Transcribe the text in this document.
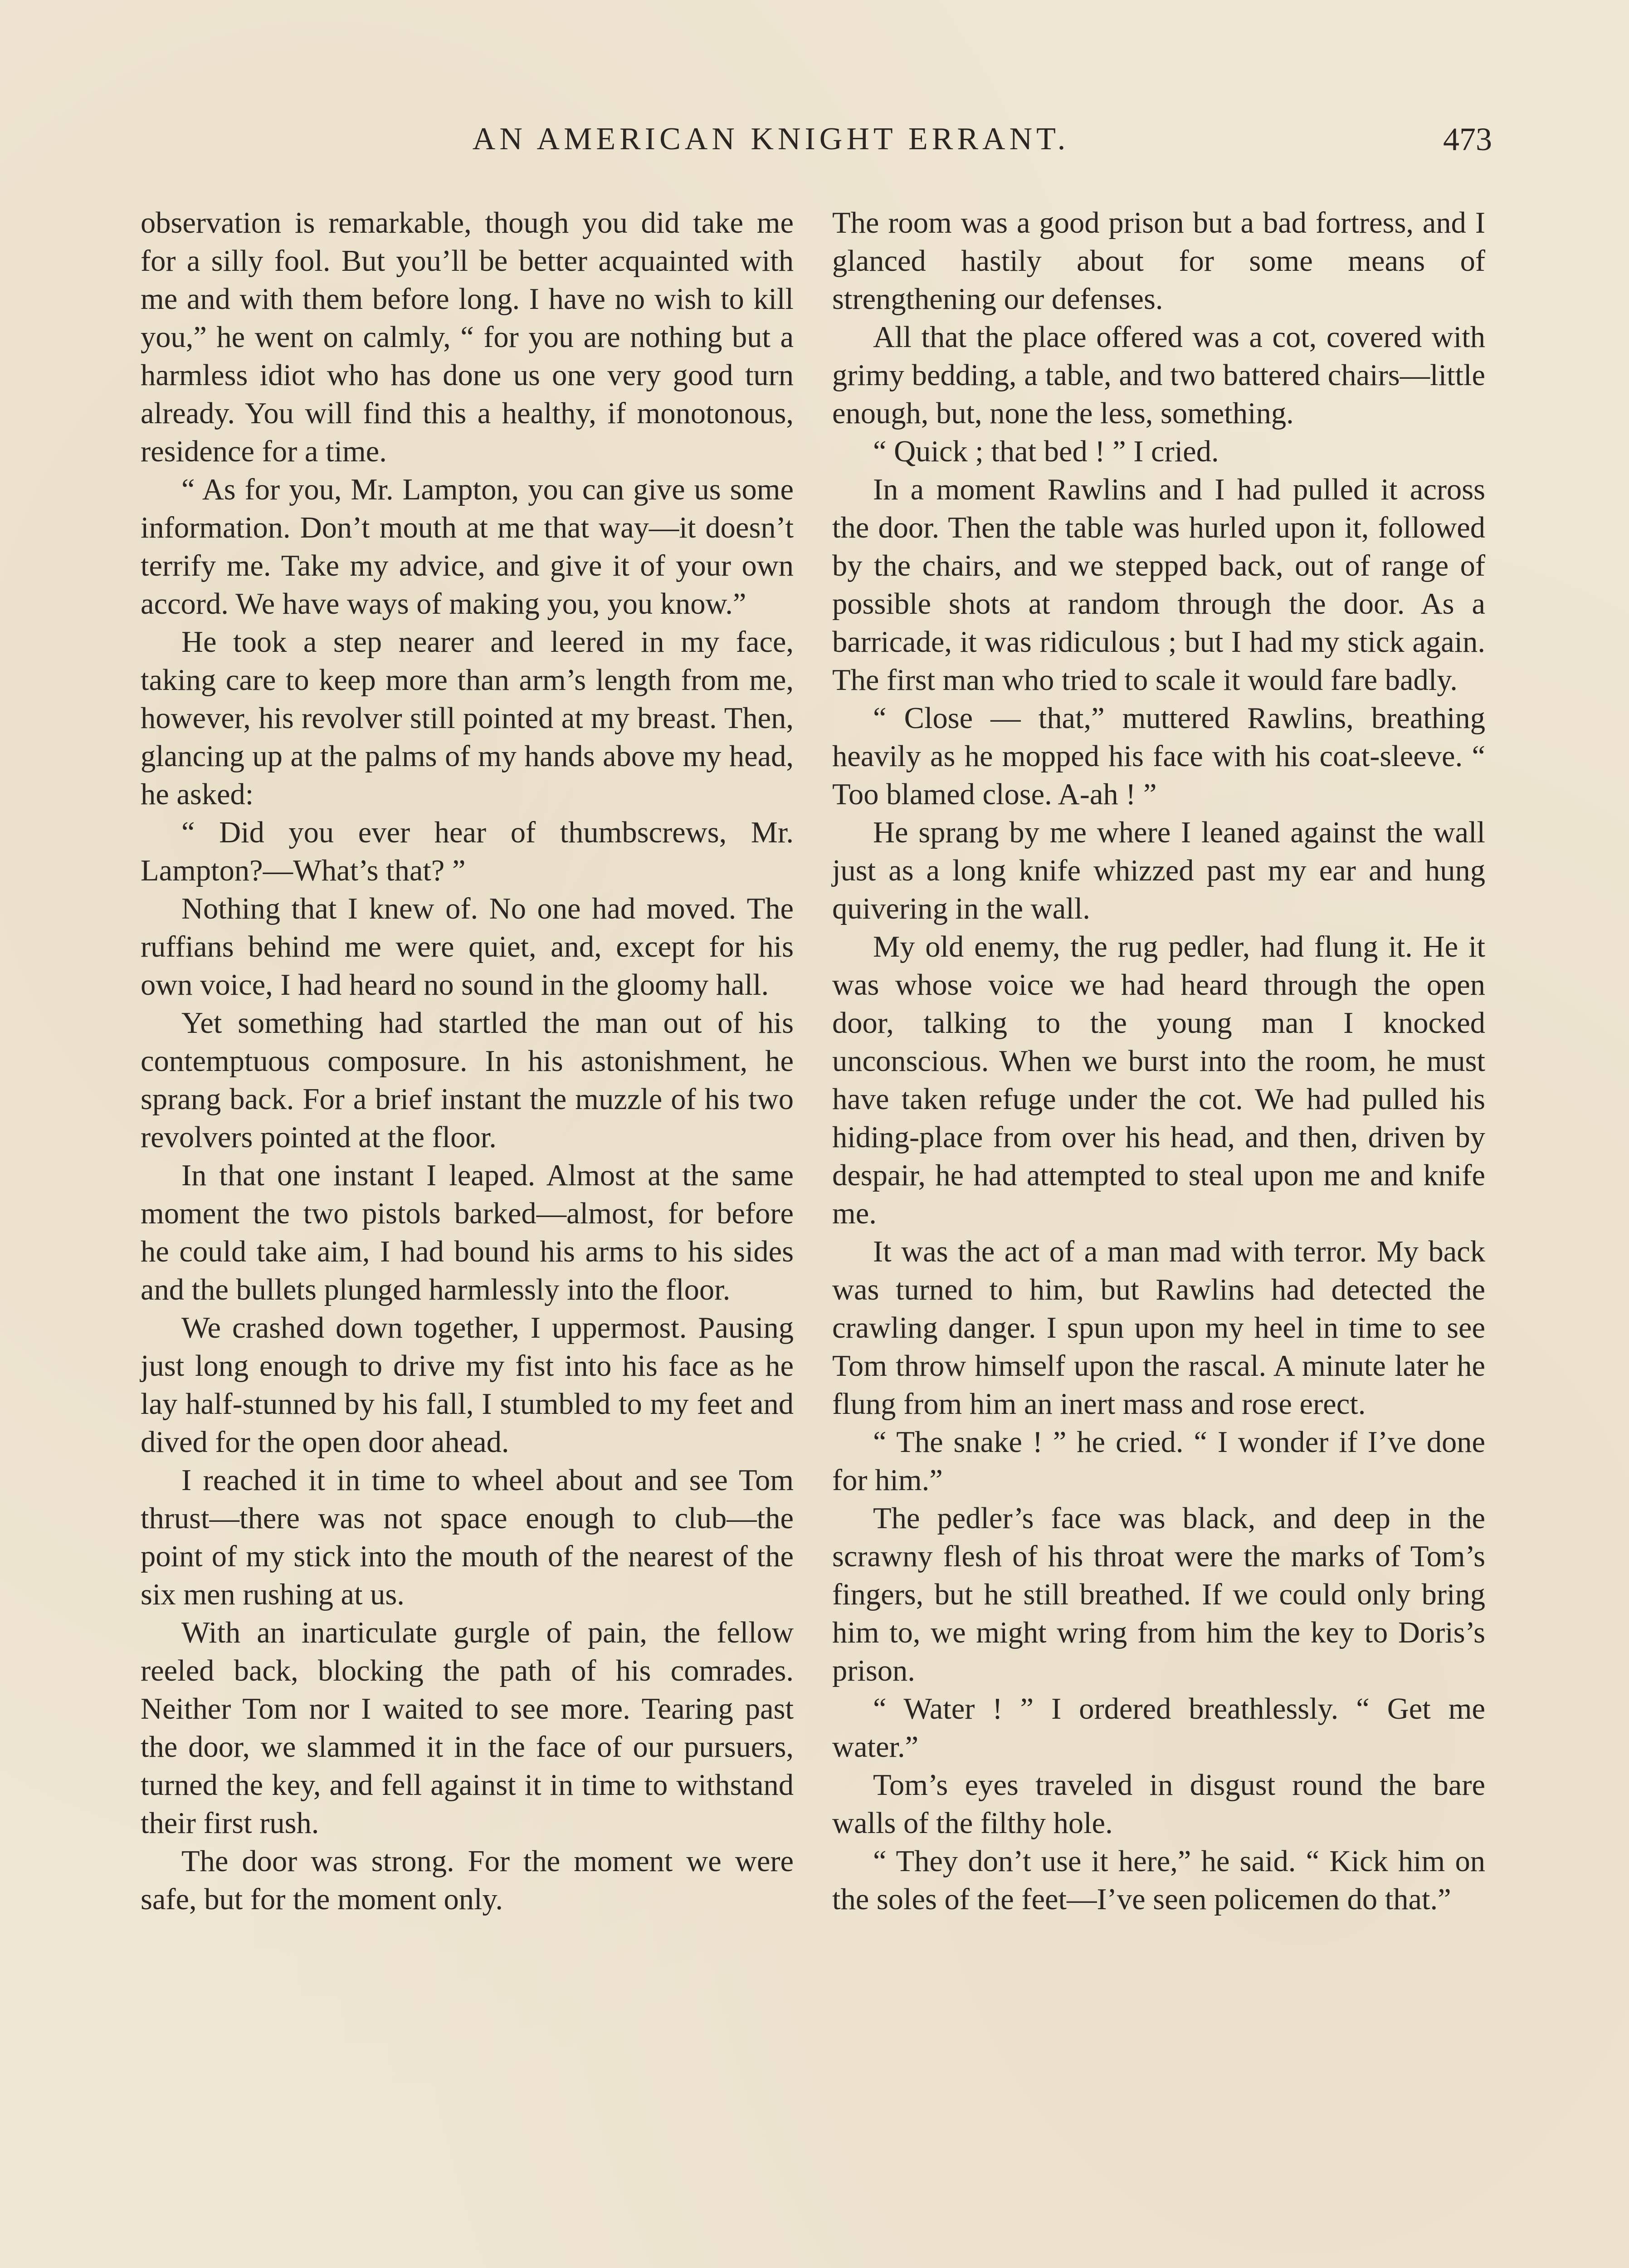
AN AMERICAN KNIGHT ERRANT.	473

observation is remarkable, though you did take me for a silly fool. But you’ll be better acquainted with me and with them before long. I have no wish to kill you,” he went on calmly, “ for you are nothing but a harmless idiot who has done us one very good turn already. You will find this a healthy, if monotonous, residence for a time.

“ As for you, Mr. Lampton, you can give us some information. Don’t mouth at me that way—it doesn’t terrify me. Take my advice, and give it of your own accord. We have ways of making you, you know.”

He took a step nearer and leered in my face, taking care to keep more than arm’s length from me, however, his revolver still pointed at my breast. Then, glancing up at the palms of my hands above my head, he asked:

“ Did you ever hear of thumbscrews, Mr. Lampton?—What’s that? ”

Nothing that I knew of. No one had moved. The ruffians behind me were quiet, and, except for his own voice, I had heard no sound in the gloomy hall.

Yet something had startled the man out of his contemptuous composure. In his astonishment, he sprang back. For a brief instant the muzzle of his two revolvers pointed at the floor.

In that one instant I leaped. Almost at the same moment the two pistols barked—almost, for before he could take aim, I had bound his arms to his sides and the bullets plunged harmlessly into the floor.

We crashed down together, I uppermost. Pausing just long enough to drive my fist into his face as he lay half-stunned by his fall, I stumbled to my feet and dived for the open door ahead.

I reached it in time to wheel about and see Tom thrust—there was not space enough to club—the point of my stick into the mouth of the nearest of the six men rushing at us.

With an inarticulate gurgle of pain, the fellow reeled back, blocking the path of his comrades. Neither Tom nor I waited to see more. Tearing past the door, we slammed it in the face of our pursuers, turned the key, and fell against it in time to withstand their first rush.

The door was strong. For the moment we were safe, but for the moment only.

The room was a good prison but a bad fortress, and I glanced hastily about for some means of strengthening our defenses.

All that the place offered was a cot, covered with grimy bedding, a table, and two battered chairs—little enough, but, none the less, something.

“ Quick ; that bed ! ” I cried.

In a moment Rawlins and I had pulled it across the door. Then the table was hurled upon it, followed by the chairs, and we stepped back, out of range of possible shots at random through the door. As a barricade, it was ridiculous ; but I had my stick again. The first man who tried to scale it would fare badly.

“ Close — that,” muttered Rawlins, breathing heavily as he mopped his face with his coat-sleeve. “ Too blamed close. A-ah ! ”

He sprang by me where I leaned against the wall just as a long knife whizzed past my ear and hung quivering in the wall.

My old enemy, the rug pedler, had flung it. He it was whose voice we had heard through the open door, talking to the young man I knocked unconscious. When we burst into the room, he must have taken refuge under the cot. We had pulled his hiding-place from over his head, and then, driven by despair, he had attempted to steal upon me and knife me.

It was the act of a man mad with terror. My back was turned to him, but Rawlins had detected the crawling danger. I spun upon my heel in time to see Tom throw himself upon the rascal. A minute later he flung from him an inert mass and rose erect.

“ The snake ! ” he cried. “ I wonder if I’ve done for him.”

The pedler’s face was black, and deep in the scrawny flesh of his throat were the marks of Tom’s fingers, but he still breathed. If we could only bring him to, we might wring from him the key to Doris’s prison.

“ Water ! ” I ordered breathlessly. “ Get me water.”

Tom’s eyes traveled in disgust round the bare walls of the filthy hole.

“ They don’t use it here,” he said. “ Kick him on the soles of the feet—I’ve seen policemen do that.”
